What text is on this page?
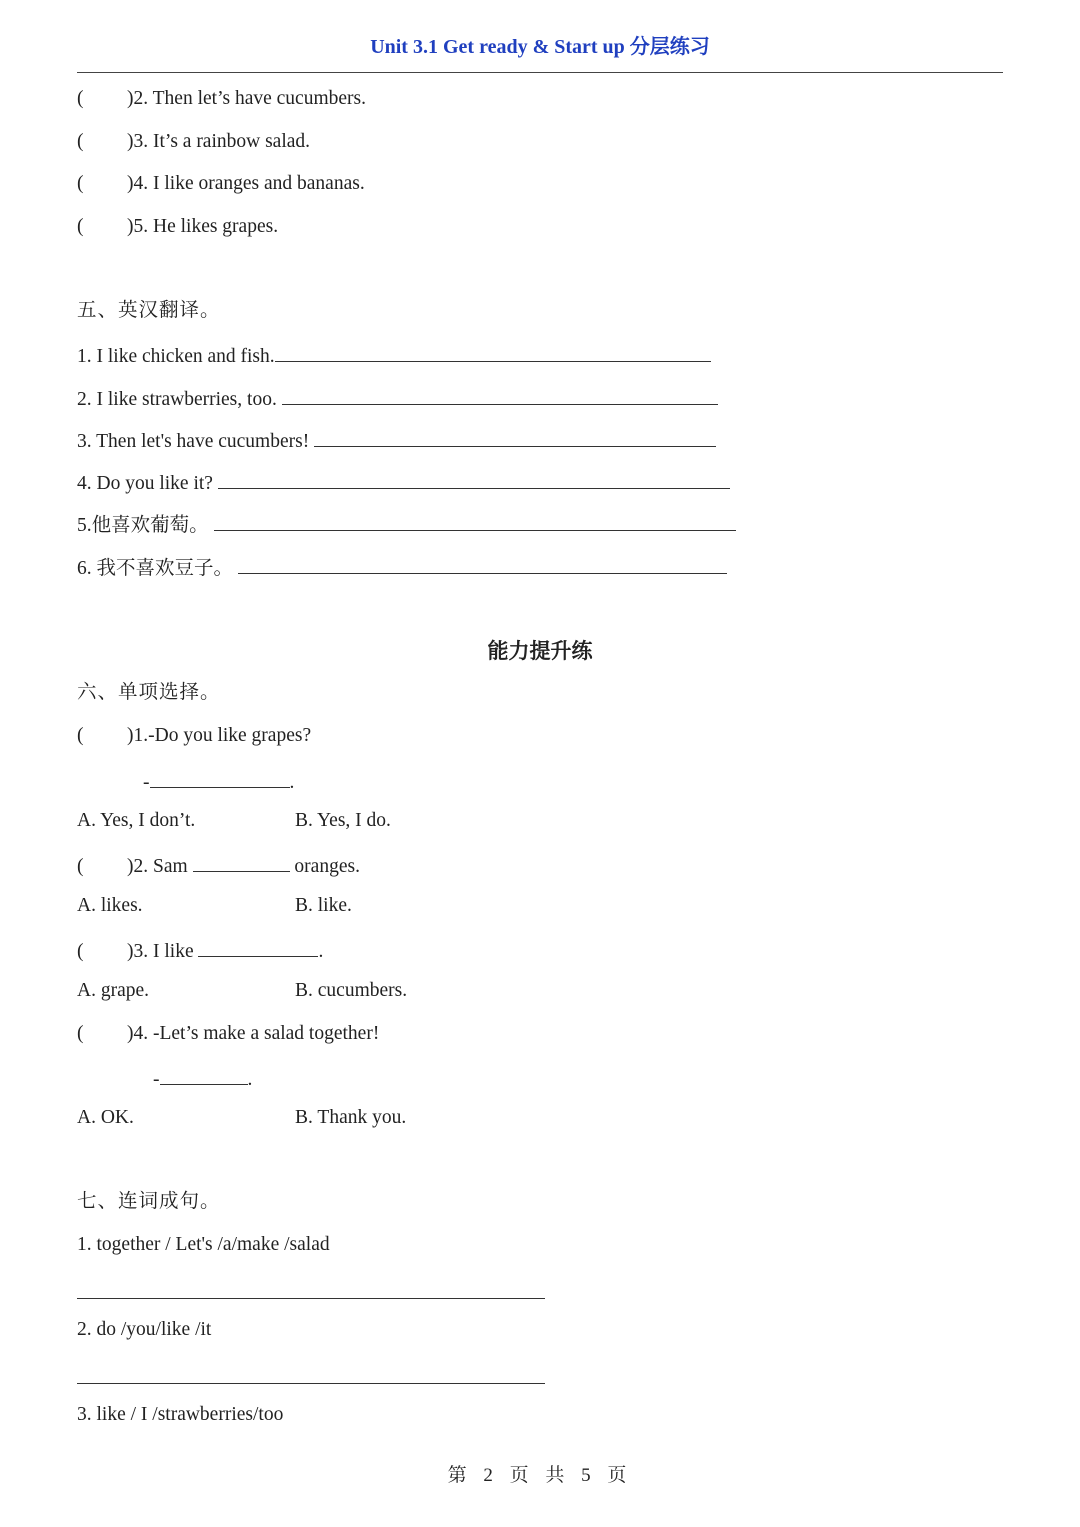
Unit 3.1 Get ready & Start up 分层练习
( )2. Then let’s have cucumbers.
( )3. It’s a rainbow salad.
( )4. I like oranges and bananas.
( )5. He likes grapes.
五、英汉翻译。
1. I like chicken and fish.
2. I like strawberries, too.
3. Then let's have cucumbers!
4. Do you like it?
5.他喜欢葡萄。
6. 我不喜欢豆子。
能力提升练
六、单项选择。
( )1.-Do you like grapes?
-	.
A. Yes, I don’t.	B. Yes, I do.
( )2. Sam	oranges.
A. likes.	B. like.
( )3. I like	.
A. grape.	B. cucumbers.
( )4. -Let’s make a salad together!
-	.
A. OK.	B. Thank you.
七、连词成句。
1. together / Let's /a/make /salad
2. do /you/like /it
3. like / I /strawberries/too
第 2 页 共 5 页
